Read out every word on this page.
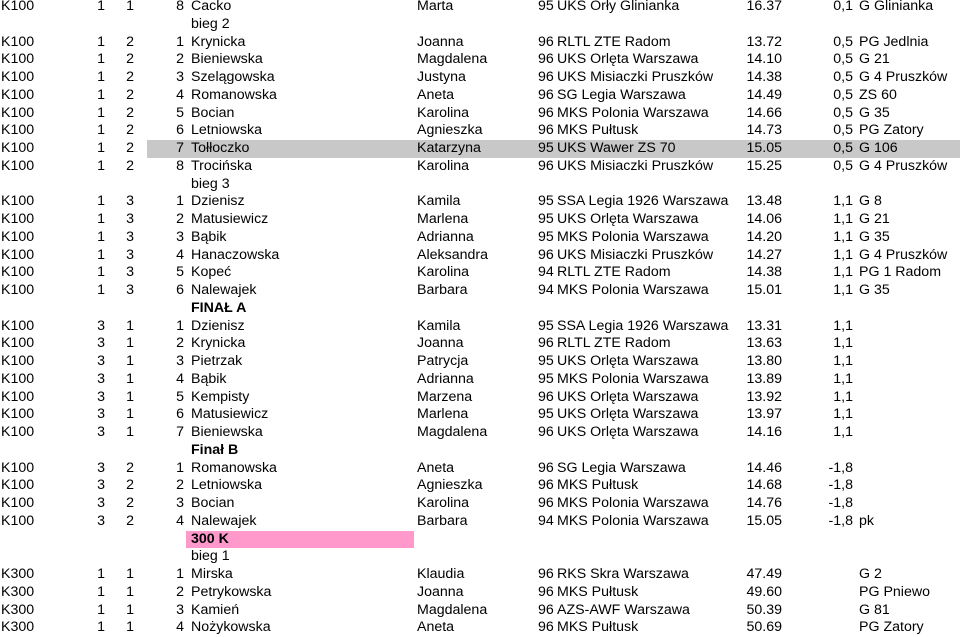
K100	1 1	8 Cacko	Marta	95 UKS Orły Glinianka	16.37	0,1 G Glinianka
bieg 2
K100	1 2	1 Krynicka	Joanna	96 RLTL ZTE Radom	13.72	0,5 PG Jedlnia
K100	1 2	2 Bieniewska	Magdalena	96 UKS Orlęta Warszawa	14.10	0,5 G 21
K100	1 2	3 Szelągowska	Justyna	96 UKS Misiaczki Pruszków	14.38	0,5 G 4 Pruszków
K100	1 2	4 Romanowska	Aneta	96 SG Legia Warszawa	14.49	0,5 ZS 60
K100	1 2	5 Bocian	Karolina	96 MKS Polonia Warszawa	14.66	0,5 G 35
K100	1 2	6 Letniowska	Agnieszka	96 MKS Pułtusk	14.73	0,5 PG Zatory
K100	1 2	7 Tołłoczko	Katarzyna	95 UKS Wawer ZS 70	15.05	0,5 G 106
K100	1 2	8 Trocińska	Karolina	96 UKS Misiaczki Pruszków	15.25	0,5 G 4 Pruszków
bieg 3
K100	1 3	1 Dzienisz	Kamila	95 SSA Legia 1926 Warszawa	13.48	1,1 G 8
K100	1 3	2 Matusiewicz	Marlena	95 UKS Orlęta Warszawa	14.06	1,1 G 21
K100	1 3	3 Bąbik	Adrianna	95 MKS Polonia Warszawa	14.20	1,1 G 35
K100	1 3	4 Hanaczowska	Aleksandra	96 UKS Misiaczki Pruszków	14.27	1,1 G 4 Pruszków
K100	1 3	5 Kopeć	Karolina	94 RLTL ZTE Radom	14.38	1,1 PG 1 Radom
K100	1 3	6 Nalewajek	Barbara	94 MKS Polonia Warszawa	15.01	1,1 G 35
FINAŁ A
K100	3 1	1 Dzienisz	Kamila	95 SSA Legia 1926 Warszawa	13.31	1,1
K100	3 1	2 Krynicka	Joanna	96 RLTL ZTE Radom	13.63	1,1
K100	3 1	3 Pietrzak	Patrycja	95 UKS Orlęta Warszawa	13.80	1,1
K100	3 1	4 Bąbik	Adrianna	95 MKS Polonia Warszawa	13.89	1,1
K100	3 1	5 Kempisty	Marzena	96 UKS Orlęta Warszawa	13.92	1,1
K100	3 1	6 Matusiewicz	Marlena	95 UKS Orlęta Warszawa	13.97	1,1
K100	3 1	7 Bieniewska	Magdalena	96 UKS Orlęta Warszawa	14.16	1,1
Finał B
K100	3 2	1 Romanowska	Aneta	96 SG Legia Warszawa	14.46	-1,8
K100	3 2	2 Letniowska	Agnieszka	96 MKS Pułtusk	14.68	-1,8
K100	3 2	3 Bocian	Karolina	96 MKS Polonia Warszawa	14.76	-1,8
K100	3 2	4 Nalewajek	Barbara	94 MKS Polonia Warszawa	15.05	-1,8 pk
300 K
bieg 1
K300	1 1	1 Mirska	Klaudia	96 RKS Skra Warszawa	47.49	G 2
K300	1 1	2 Petrykowska	Joanna	96 MKS Pułtusk	49.60	PG Pniewo
K300	1 1	3 Kamień	Magdalena	96 AZS-AWF Warszawa	50.39	G 81
K300	1 1	4 Nożykowska	Aneta	96 MKS Pułtusk	50.69	PG Zatory
